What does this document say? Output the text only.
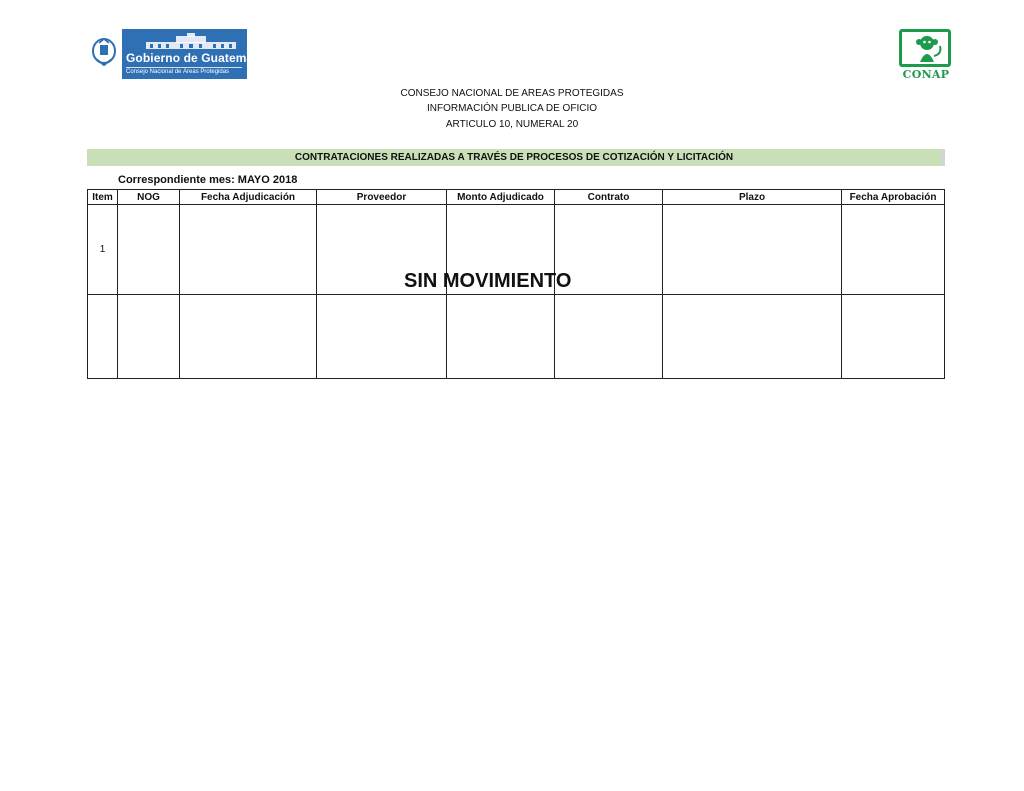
Gobierno de Guatemala
Consejo Nacional de Áreas Protegidas	CONAP
CONSEJO NACIONAL DE AREAS PROTEGIDAS
INFORMACIÓN PUBLICA DE OFICIO
ARTICULO 10, NUMERAL 20
CONTRATACIONES REALIZADAS A TRAVÉS DE PROCESOS DE COTIZACIÓN Y LICITACIÓN
Correspondiente mes: MAYO 2018
Item	NOG	Fecha Adjudicación	Proveedor	Monto Adjudicado	Contrato	Plazo	Fecha Aprobación
1							

SIN MOVIMIENTO
